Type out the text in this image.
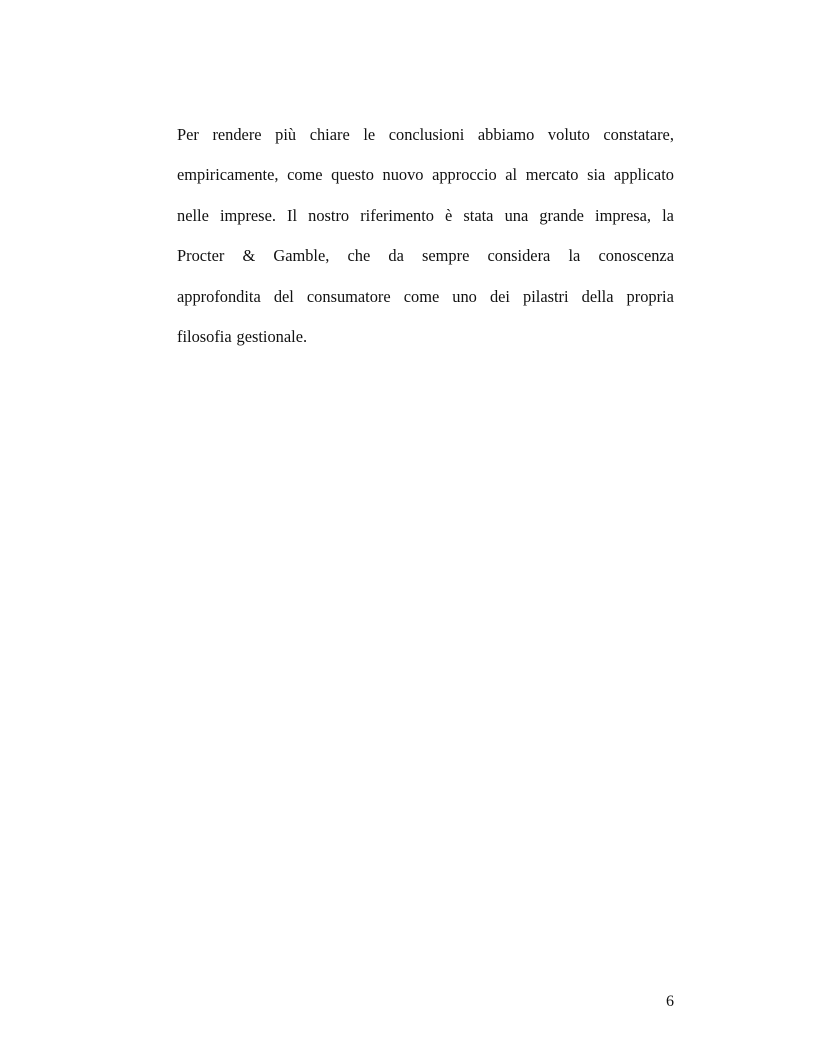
Per rendere più chiare le conclusioni abbiamo voluto constatare,
empiricamente, come questo nuovo approccio al mercato sia applicato
nelle imprese. Il nostro riferimento è stata una grande impresa, la
Procter & Gamble, che da sempre considera la conoscenza
approfondita del consumatore come uno dei pilastri della propria
filosofia gestionale.
6
